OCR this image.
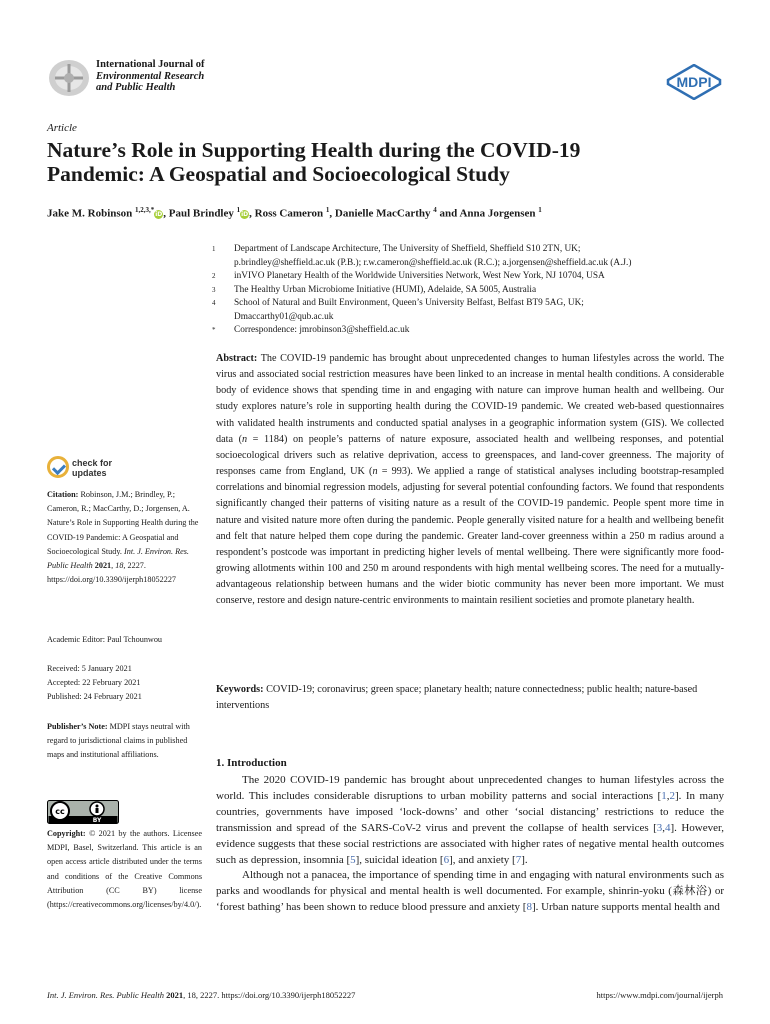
International Journal of
Environmental Research
and Public Health	MDPI
Article
Nature’s Role in Supporting Health during the COVID-19
Pandemic: A Geospatial and Socioecological Study
Jake M. Robinson $^{1,2,3,*}$iD, Paul Brindley $^1$iD, Ross Cameron $^1$, Danielle MacCarthy $^4$ and Anna Jorgensen $^1$
1	Department of Landscape Architecture, The University of Sheffield, Sheffield S10 2TN, UK;
p.brindley@sheffield.ac.uk (P.B.); r.w.cameron@sheffield.ac.uk (R.C.); a.jorgensen@sheffield.ac.uk (A.J.)
2	inVIVO Planetary Health of the Worldwide Universities Network, West New York, NJ 10704, USA
3	The Healthy Urban Microbiome Initiative (HUMI), Adelaide, SA 5005, Australia
4	School of Natural and Built Environment, Queen’s University Belfast, Belfast BT9 5AG, UK;
Dmaccarthy01@qub.ac.uk
*	Correspondence: jmrobinson3@sheffield.ac.uk
check for
updates
Citation: Robinson, J.M.; Brindley, P.; Cameron, R.; MacCarthy, D.; Jorgensen, A. Nature’s Role in Supporting Health during the COVID-19 Pandemic: A Geospatial and Socioecological Study. Int. J. Environ. Res. Public Health 2021, 18, 2227. https://doi.org/10.3390/ijerph18052227
Academic Editor: Paul Tchounwou
Received: 5 January 2021
Accepted: 22 February 2021
Published: 24 February 2021
Publisher’s Note: MDPI stays neutral with regard to jurisdictional claims in published maps and institutional affiliations.
cc
BY
Copyright: © 2021 by the authors. Licensee MDPI, Basel, Switzerland. This article is an open access article distributed under the terms and conditions of the Creative Commons Attribution (CC BY) license (https://creativecommons.org/licenses/by/4.0/).
Abstract: The COVID-19 pandemic has brought about unprecedented changes to human lifestyles across the world. The virus and associated social restriction measures have been linked to an increase in mental health conditions. A considerable body of evidence shows that spending time in and engaging with nature can improve human health and wellbeing. Our study explores nature’s role in supporting health during the COVID-19 pandemic. We created web-based questionnaires with validated health instruments and conducted spatial analyses in a geographic information system (GIS). We collected data (n = 1184) on people’s patterns of nature exposure, associated health and wellbeing responses, and potential socioecological drivers such as relative deprivation, access to greenspaces, and land-cover greenness. The majority of responses came from England, UK (n = 993). We applied a range of statistical analyses including bootstrap-resampled correlations and binomial regression models, adjusting for several potential confounding factors. We found that respondents significantly changed their patterns of visiting nature as a result of the COVID-19 pandemic. People spent more time in nature and visited nature more often during the pandemic. People generally visited nature for a health and wellbeing benefit and felt that nature helped them cope during the pandemic. Greater land-cover greenness within a 250 m radius around a respondent’s postcode was important in predicting higher levels of mental wellbeing. There were significantly more food-growing allotments within 100 and 250 m around respondents with high mental wellbeing scores. The need for a mutually-advantageous relationship between humans and the wider biotic community has never been more important. We must conserve, restore and design nature-centric environments to maintain resilient societies and promote planetary health.
Keywords: COVID-19; coronavirus; green space; planetary health; nature connectedness; public health; nature-based interventions
1. Introduction

The 2020 COVID-19 pandemic has brought about unprecedented changes to human lifestyles across the world. This includes considerable disruptions to urban mobility patterns and social interactions [1,2]. In many countries, governments have imposed ‘lock-downs’ and other ‘social distancing’ restrictions to reduce the transmission and spread of the SARS-CoV-2 virus and prevent the collapse of health services [3,4]. However, evidence suggests that these social restrictions are associated with higher rates of negative mental health outcomes such as depression, insomnia [5], suicidal ideation [6], and anxiety [7].

Although not a panacea, the importance of spending time in and engaging with natural environments such as parks and woodlands for physical and mental health is well documented. For example, shinrin-yoku (森林浴) or ‘forest bathing’ has been shown to reduce blood pressure and anxiety [8]. Urban nature supports mental health and

Int. J. Environ. Res. Public Health 2021, 18, 2227. https://doi.org/10.3390/ijerph18052227	https://www.mdpi.com/journal/ijerph
